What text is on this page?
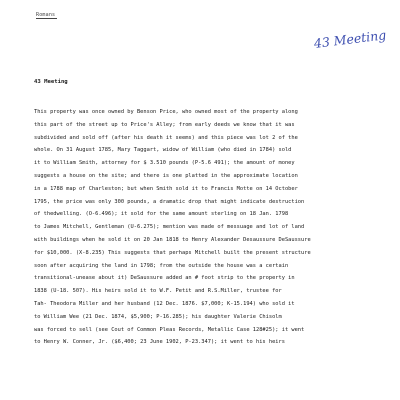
Romans
43 Meeting
43 Meeting
This property was once owned by Benson Price, who owned most of the property along
this part of the street up to Price's Alley; from early deeds we know that it was
subdivided and sold off (after his death it seems) and this piece was lot 2 of the
whole. On 31 August 1785, Mary Taggart, widow of William (who died in 1784) sold
it to William Smith, attorney for $ 3.510 pounds (P-5.6 491); the amount of money
suggests a house on the site; and there is one platted in the approximate location
in a 1788 map of Charleston; but when Smith sold it to Francis Motte on 14 October
1795, the price was only 300 pounds, a dramatic drop that might indicate destruction
of thedwelling. (O-6.496); it sold for the same amount sterling on 18 Jan. 1798
to James Mitchell, Gentleman (U-6.275); mention was made of messuage and lot of land
with buildings when he sold it on 20 Jan 1818 to Henry Alexander Desaussure DeSaussure
for $10,000. (X-8.235) This suggests that perhaps Mitchell built the present structure
soon after acquiring the land in 1798; from the outside the house was a certain
transitional-unease about it) DeSaussure added an # foot strip to the property in
1838 (U-18. 507). His heirs sold it to W.F. Petit and R.S.Miller, trustee for
Tah- Theodora Miller and her husband (12 Dec. 1876. $7,000; K-15.194) who sold it
to William Wee (21 Dec. 1874, $5,900; P-16.285); his daughter Valerie Chisolm
was forced to sell (see Cout of Common Pleas Records, Metallic Case 128#25); it went
to Henry W. Conner, Jr. ($6,400; 23 June 1902, P-23.347); it went to his heirs
